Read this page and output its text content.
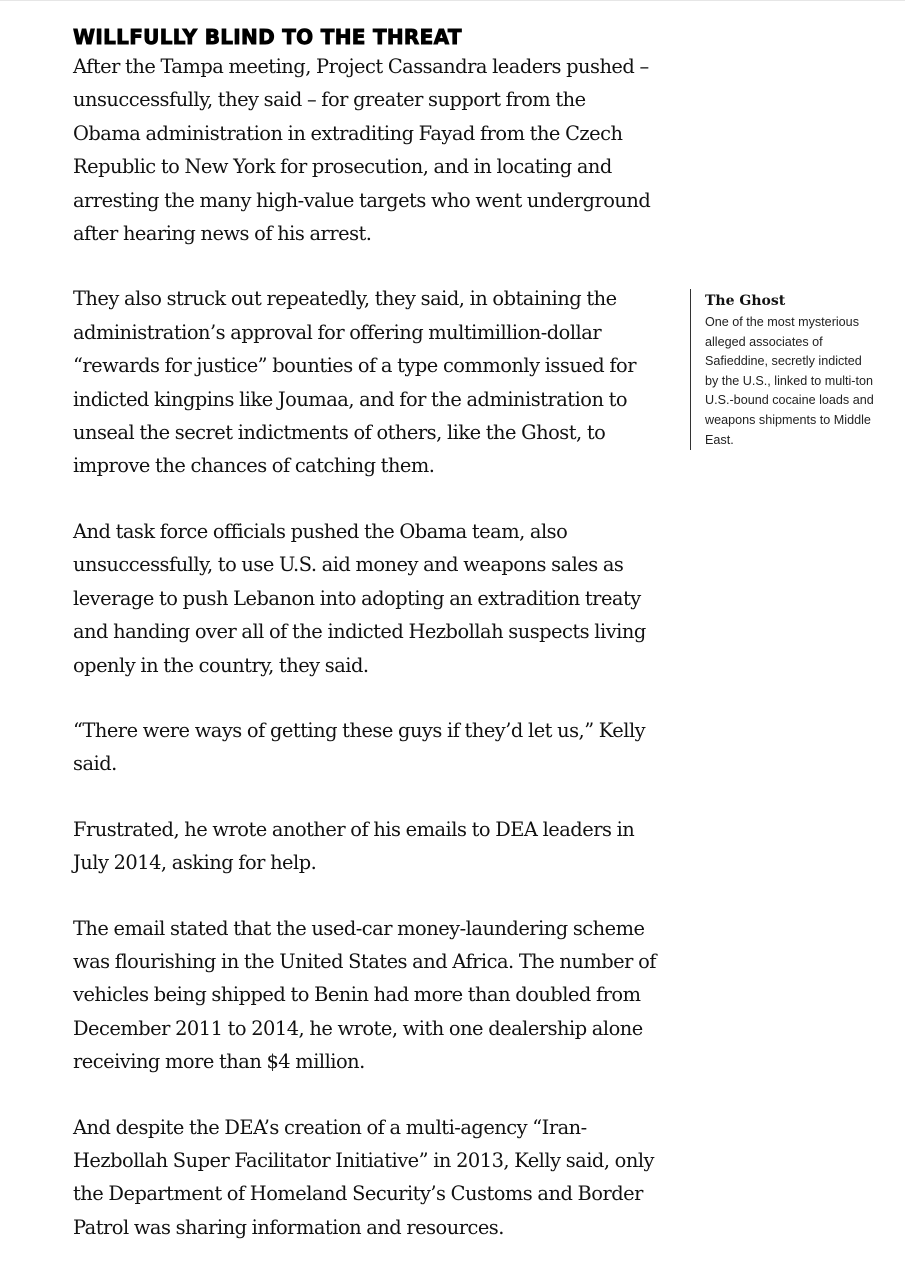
WILLFULLY BLIND TO THE THREAT

After the Tampa meeting, Project Cassandra leaders pushed – unsuccessfully, they said – for greater support from the Obama administration in extraditing Fayad from the Czech Republic to New York for prosecution, and in locating and arresting the many high-value targets who went underground after hearing news of his arrest.

They also struck out repeatedly, they said, in obtaining the administration’s approval for offering multimillion-dollar “rewards for justice” bounties of a type commonly issued for indicted kingpins like Joumaa, and for the administration to unseal the secret indictments of others, like the Ghost, to improve the chances of catching them.

And task force officials pushed the Obama team, also unsuccessfully, to use U.S. aid money and weapons sales as leverage to push Lebanon into adopting an extradition treaty and handing over all of the indicted Hezbollah suspects living openly in the country, they said.

“There were ways of getting these guys if they’d let us,” Kelly said.

Frustrated, he wrote another of his emails to DEA leaders in July 2014, asking for help.

The email stated that the used-car money-laundering scheme was flourishing in the United States and Africa. The number of vehicles being shipped to Benin had more than doubled from December 2011 to 2014, he wrote, with one dealership alone receiving more than $4 million.

And despite the DEA’s creation of a multi-agency “Iran-Hezbollah Super Facilitator Initiative” in 2013, Kelly said, only the Department of Homeland Security’s Customs and Border Patrol was sharing information and resources.

The Ghost
One of the most mysterious alleged associates of Safieddine, secretly indicted by the U.S., linked to multi-ton U.S.-bound cocaine loads and weapons shipments to Middle East.
